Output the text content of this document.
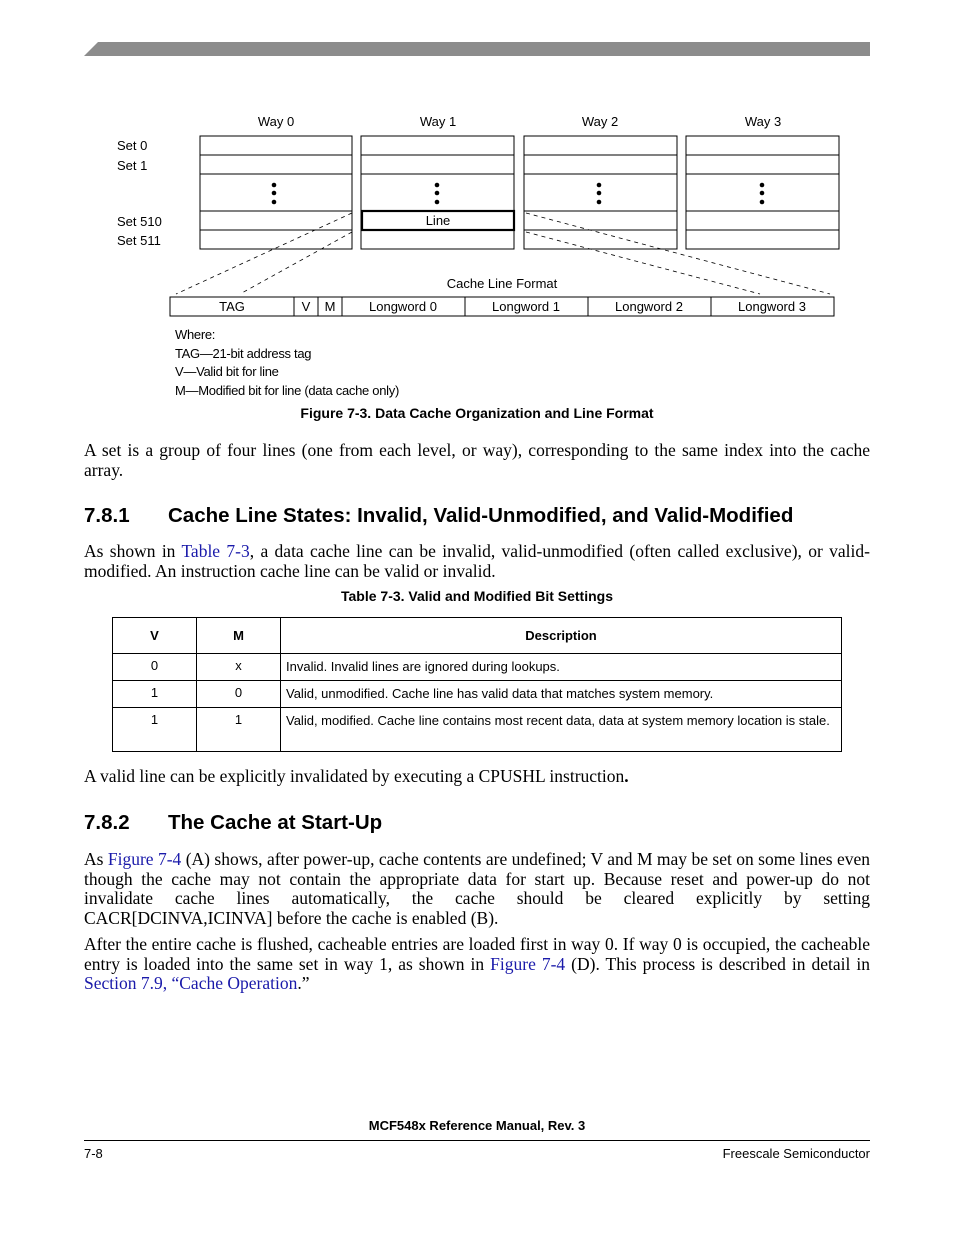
Way 0	Way 1	Way 2	Way 3
Set 0
Set 1
Set 510
Set 511
Line
Cache Line Format
TAG	V M	Longword 0	Longword 1	Longword 2	Longword 3
Where:
TAG—21-bit address tag
V—Valid bit for line
M—Modified bit for line (data cache only)
Figure 7-3. Data Cache Organization and Line Format
A set is a group of four lines (one from each level, or way), corresponding to the same index into the cache array.
7.8.1 Cache Line States: Invalid, Valid-Unmodified, and Valid-Modified
As shown in Table 7-3, a data cache line can be invalid, valid-unmodified (often called exclusive), or valid-modified. An instruction cache line can be valid or invalid.
Table 7-3. Valid and Modified Bit Settings
V	M	Description
0	x	Invalid. Invalid lines are ignored during lookups.
1	0	Valid, unmodified. Cache line has valid data that matches system memory.
1	1	Valid, modified. Cache line contains most recent data, data at system memory location is stale.
A valid line can be explicitly invalidated by executing a CPUSHL instruction.
7.8.2 The Cache at Start-Up
As Figure 7-4 (A) shows, after power-up, cache contents are undefined; V and M may be set on some lines even though the cache may not contain the appropriate data for start up. Because reset and power-up do not invalidate cache lines automatically, the cache should be cleared explicitly by setting CACR[DCINVA,ICINVA] before the cache is enabled (B).
After the entire cache is flushed, cacheable entries are loaded first in way 0. If way 0 is occupied, the cacheable entry is loaded into the same set in way 1, as shown in Figure 7-4 (D). This process is described in detail in Section 7.9, “Cache Operation.”
MCF548x Reference Manual, Rev. 3
7-8	Freescale Semiconductor
